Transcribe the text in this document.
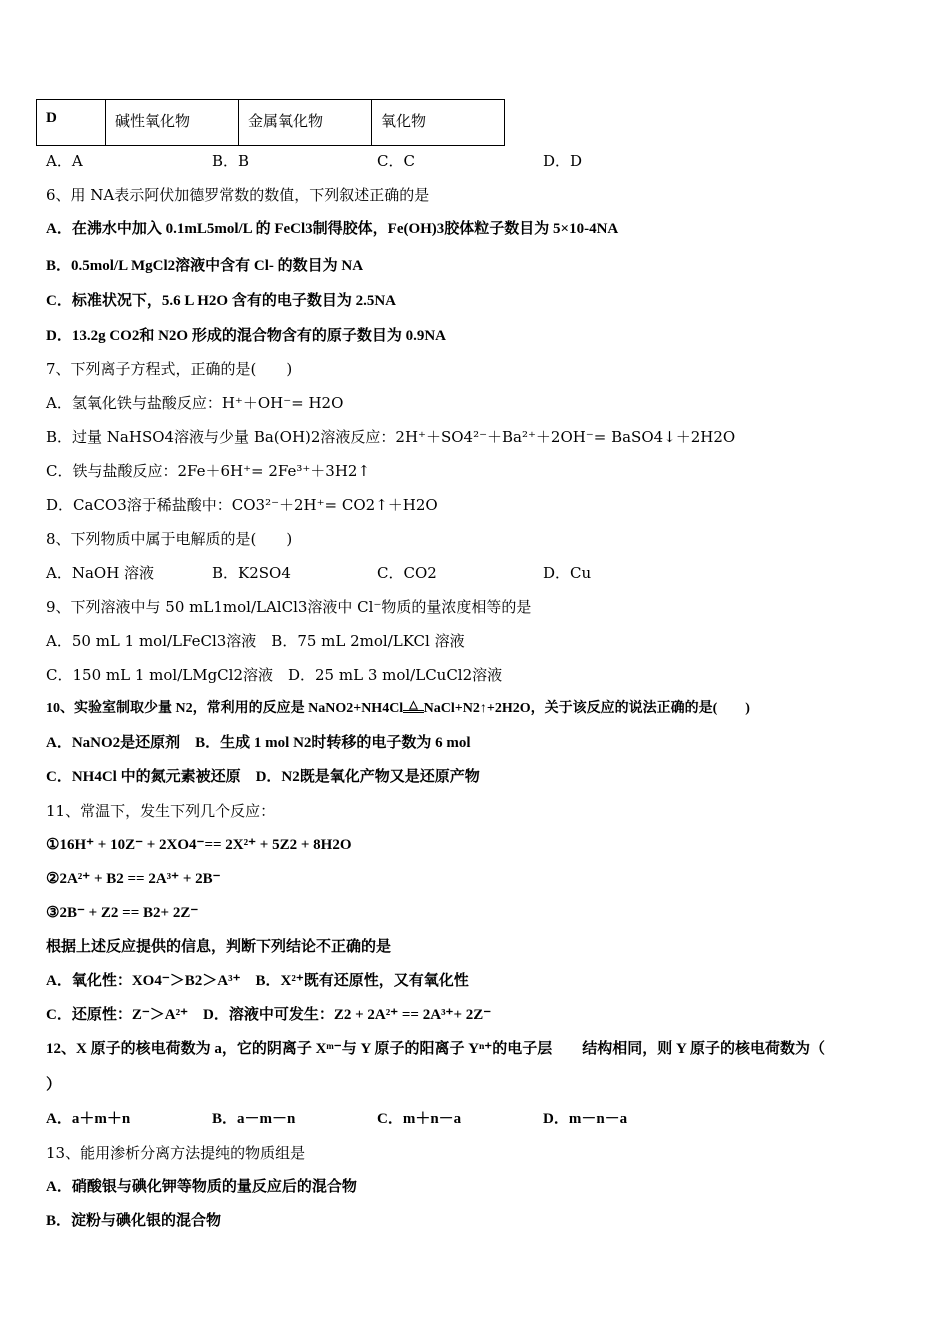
D	碱性氧化物	金属氧化物	氧化物
A．A	B．B	C．C	D．D
6、用 NA表示阿伏加德罗常数的数值，下列叙述正确的是
A．在沸水中加入 0.1mL5mol/L 的 FeCl3制得胶体，Fe(OH)3胶体粒子数目为 5×10-4NA
B．0.5mol/L MgCl2溶液中含有 Cl- 的数目为 NA
C．标准状况下，5.6 L H2O 含有的电子数目为 2.5NA
D．13.2g CO2和 N2O 形成的混合物含有的原子数目为 0.9NA
7、下列离子方程式，正确的是(　　)
A．氢氧化铁与盐酸反应：H⁺＋OH⁻= H2O
B．过量 NaHSO4溶液与少量 Ba(OH)2溶液反应：2H⁺＋SO4²⁻＋Ba²⁺＋2OH⁻= BaSO4↓＋2H2O
C．铁与盐酸反应：2Fe＋6H⁺= 2Fe³⁺＋3H2↑
D．CaCO3溶于稀盐酸中：CO3²⁻＋2H⁺= CO2↑＋H2O
8、下列物质中属于电解质的是(　　)
A．NaOH 溶液	B．K2SO4	C．CO2	D．Cu
9、下列溶液中与 50 mL1mol/LAlCl3溶液中 Cl⁻物质的量浓度相等的是
A．50 mL 1 mol/LFeCl3溶液　B．75 mL 2mol/LKCl 溶液
C．150 mL 1 mol/LMgCl2溶液　D．25 mL 3 mol/LCuCl2溶液
10、实验室制取少量 N2，常利用的反应是 NaNO2+NH4Cl △ NaCl+N2↑+2H2O，关于该反应的说法正确的是(　　)
A．NaNO2是还原剂　B．生成 1 mol N2时转移的电子数为 6 mol
C．NH4Cl 中的氮元素被还原　D．N2既是氧化产物又是还原产物
11、常温下，发生下列几个反应：
①16H⁺ + 10Z⁻ + 2XO4⁻== 2X²⁺ + 5Z2 + 8H2O
②2A²⁺ + B2 == 2A³⁺ + 2B⁻
③2B⁻ + Z2 == B2+ 2Z⁻
根据上述反应提供的信息，判断下列结论不正确的是
A．氧化性：XO4⁻＞B2＞A³⁺　B．X²⁺既有还原性，又有氧化性
C．还原性：Z⁻＞A²⁺　D．溶液中可发生：Z2 + 2A²⁺ == 2A³⁺+ 2Z⁻
12、X 原子的核电荷数为 a，它的阴离子 Xᵐ⁻与 Y 原子的阳离子 Yⁿ⁺的电子层　　结构相同，则 Y 原子的核电荷数为（
）
A．a＋m＋n	B．a－m－n	C．m＋n－a	D．m－n－a
13、能用渗析分离方法提纯的物质组是
A．硝酸银与碘化钾等物质的量反应后的混合物
B．淀粉与碘化银的混合物
